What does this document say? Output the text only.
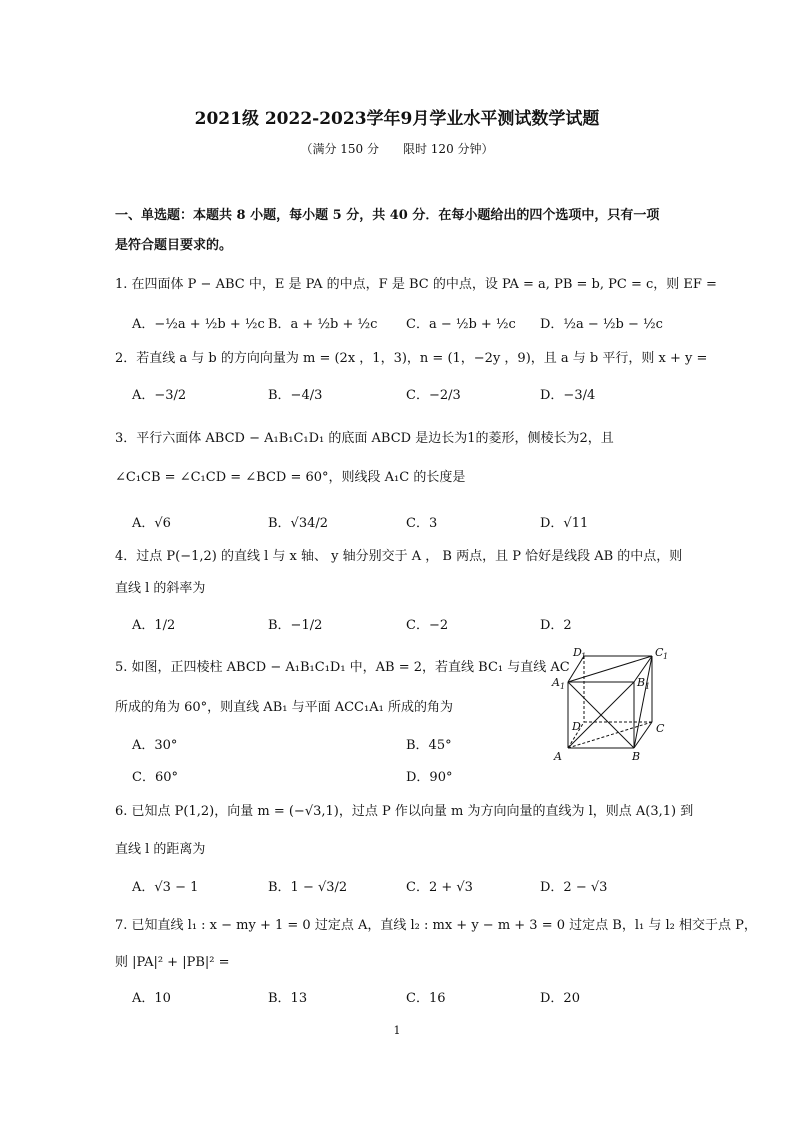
2021级 2022-2023学年9月学业水平测试数学试题
（满分 150 分　　限时 120 分钟）
一、单选题：本题共 8 小题，每小题 5 分，共 40 分．在每小题给出的四个选项中，只有一项
是符合题目要求的。
1. 在四面体 P − ABC 中，E 是 PA 的中点，F 是 BC 的中点，设 PA = a, PB = b, PC = c，则 EF =
A．−½a + ½b + ½c B．a + ½b + ½c C．a − ½b + ½c D．½a − ½b − ½c
2．若直线 a 与 b 的方向向量为 m = (2x ，1，3)，n = (1，−2y ，9)，且 a 与 b 平行，则 x + y =
A．−3/2	B．−4/3	C．−2/3	D．−3/4
3．平行六面体 ABCD − A₁B₁C₁D₁ 的底面 ABCD 是边长为1的菱形，侧棱长为2，且
∠C₁CB = ∠C₁CD = ∠BCD = 60°，则线段 A₁C 的长度是
A．√6	B．√34/2	C．3	D．√11
4．过点 P(−1,2) 的直线 l 与 x 轴、 y 轴分别交于 A ， B 两点，且 P 恰好是线段 AB 的中点，则
直线 l 的斜率为
A．1/2	B．−1/2	C．−2	D．2
5. 如图，正四棱柱 ABCD − A₁B₁C₁D₁ 中，AB = 2，若直线 BC₁ 与直线 AC
所成的角为 60°，则直线 AB₁ 与平面 ACC₁A₁ 所成的角为
A．30°	B．45°
C．60°	D．90°
D 1	C 1
A 1	B 1
D	C
A	B
6. 已知点 P(1,2)，向量 m = (−√3,1)，过点 P 作以向量 m 为方向向量的直线为 l，则点 A(3,1) 到
直线 l 的距离为
A．√3 − 1	B．1 − √3/2	C．2 + √3	D．2 − √3
7. 已知直线 l₁ : x − my + 1 = 0 过定点 A，直线 l₂ : mx + y − m + 3 = 0 过定点 B，l₁ 与 l₂ 相交于点 P，
则 |PA|² + |PB|² =
A．10	B．13	C．16	D．20
1
